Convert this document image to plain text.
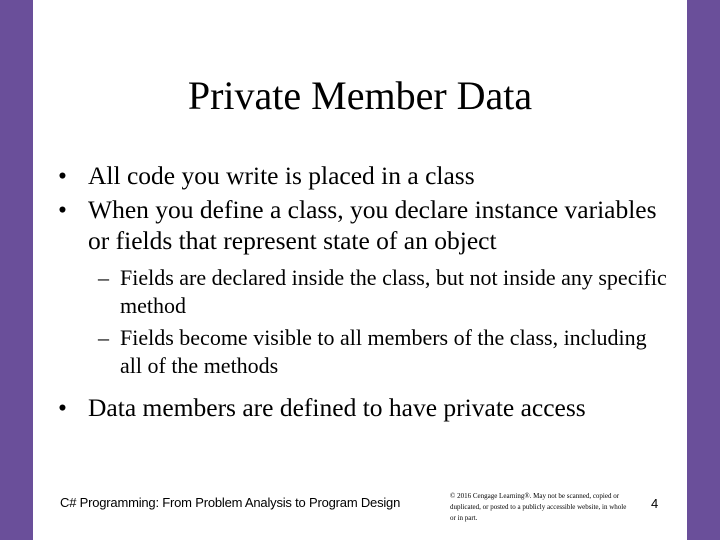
Private Member Data
• All code you write is placed in a class
• When you define a class, you declare instance variables or fields that represent state of an object
– Fields are declared inside the class, but not inside any specific method
– Fields become visible to all members of the class, including all of the methods
• Data members are defined to have private access
C# Programming: From Problem Analysis to Program Design	© 2016 Cengage Learning®. May not be scanned, copied or duplicated, or posted to a publicly accessible website, in whole or in part.
4
